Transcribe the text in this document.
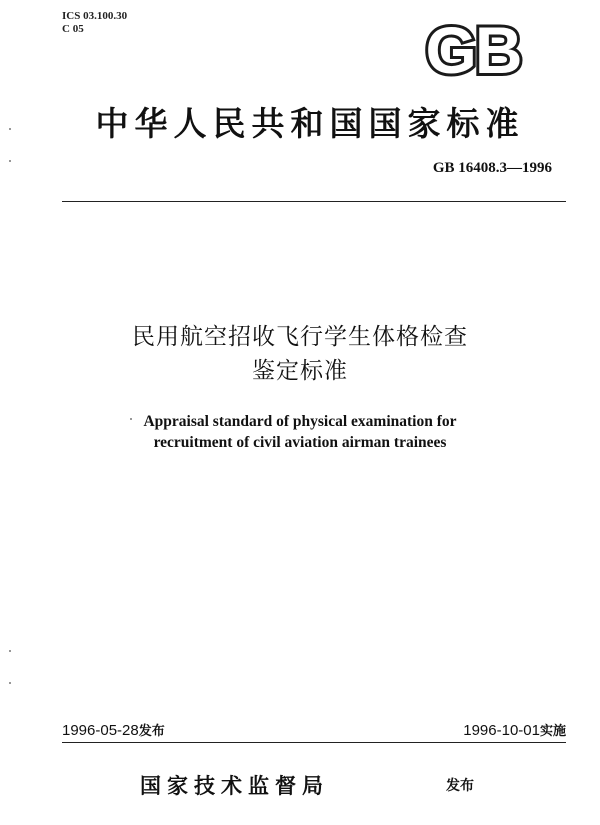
ICS 03.100.30
C 05	GB
中华人民共和国国家标准
GB 16408.3—1996
民用航空招收飞行学生体格检查
鉴定标准
Appraisal standard of physical examination for
recruitment of civil aviation airman trainees
1996-05-28发布	1996-10-01实施
国家技术监督局	发布
